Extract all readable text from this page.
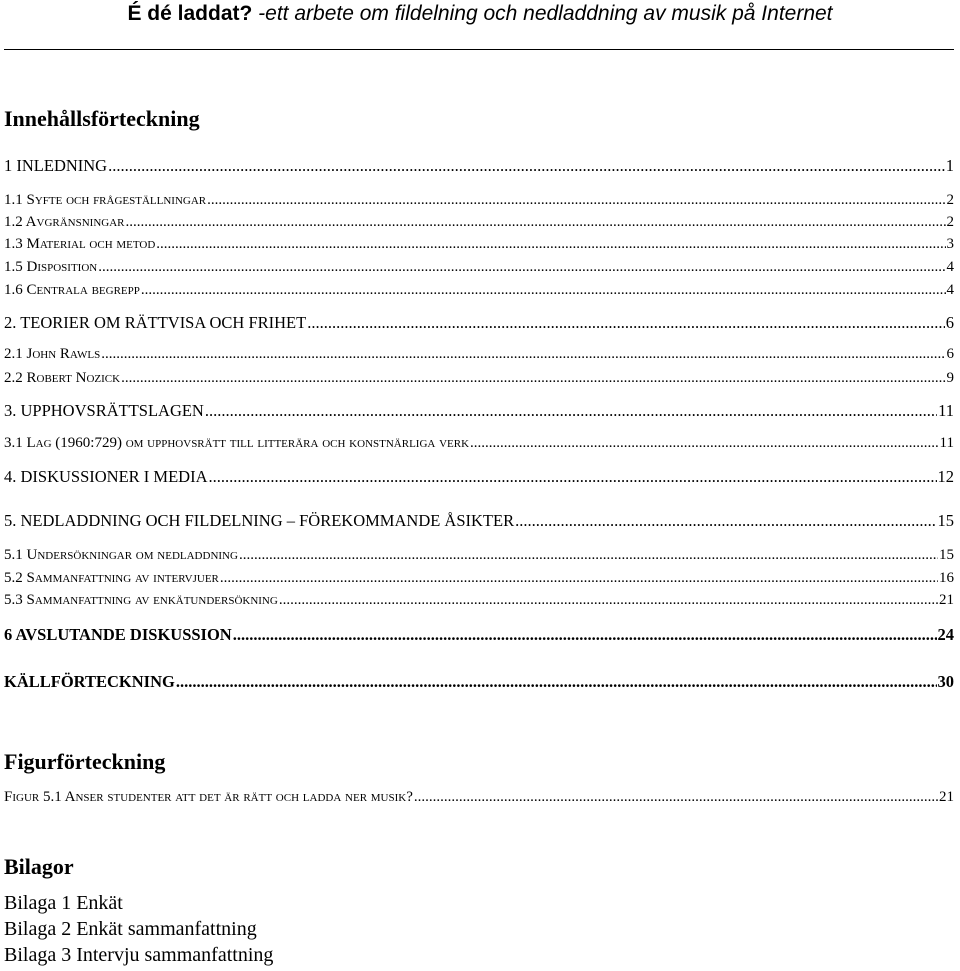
É dé laddat? -ett arbete om fildelning och nedladdning av musik på Internet
Innehållsförteckning
1 INLEDNING .....	1
1.1 Syfte och frågeställningar .....	2
1.2 Avgränsningar .....	2
1.3 Material och metod .....	3
1.5 Disposition .....	4
1.6 Centrala begrepp .....	4
2. TEORIER OM RÄTTVISA OCH FRIHET .....	6
2.1 John Rawls .....	6
2.2 Robert Nozick .....	9
3. UPPHOVSRÄTTSLAGEN .....	11
3.1 Lag (1960:729) om upphovsrätt till litterära och konstnärliga verk .....	11
4. DISKUSSIONER I MEDIA .....	12
5. NEDLADDNING OCH FILDELNING – FÖREKOMMANDE ÅSIKTER .....	15
5.1 Undersökningar om nedladdning .....	15
5.2 Sammanfattning av intervjuer .....	16
5.3 Sammanfattning av enkätundersökning .....	21
6 AVSLUTANDE DISKUSSION .....	24
KÄLLFÖRTECKNING .....	30
Figurförteckning
Figur 5.1 Anser studenter att det är rätt och ladda ner musik? .....	21
Bilagor
Bilaga 1 Enkät
Bilaga 2 Enkät sammanfattning
Bilaga 3 Intervju sammanfattning
